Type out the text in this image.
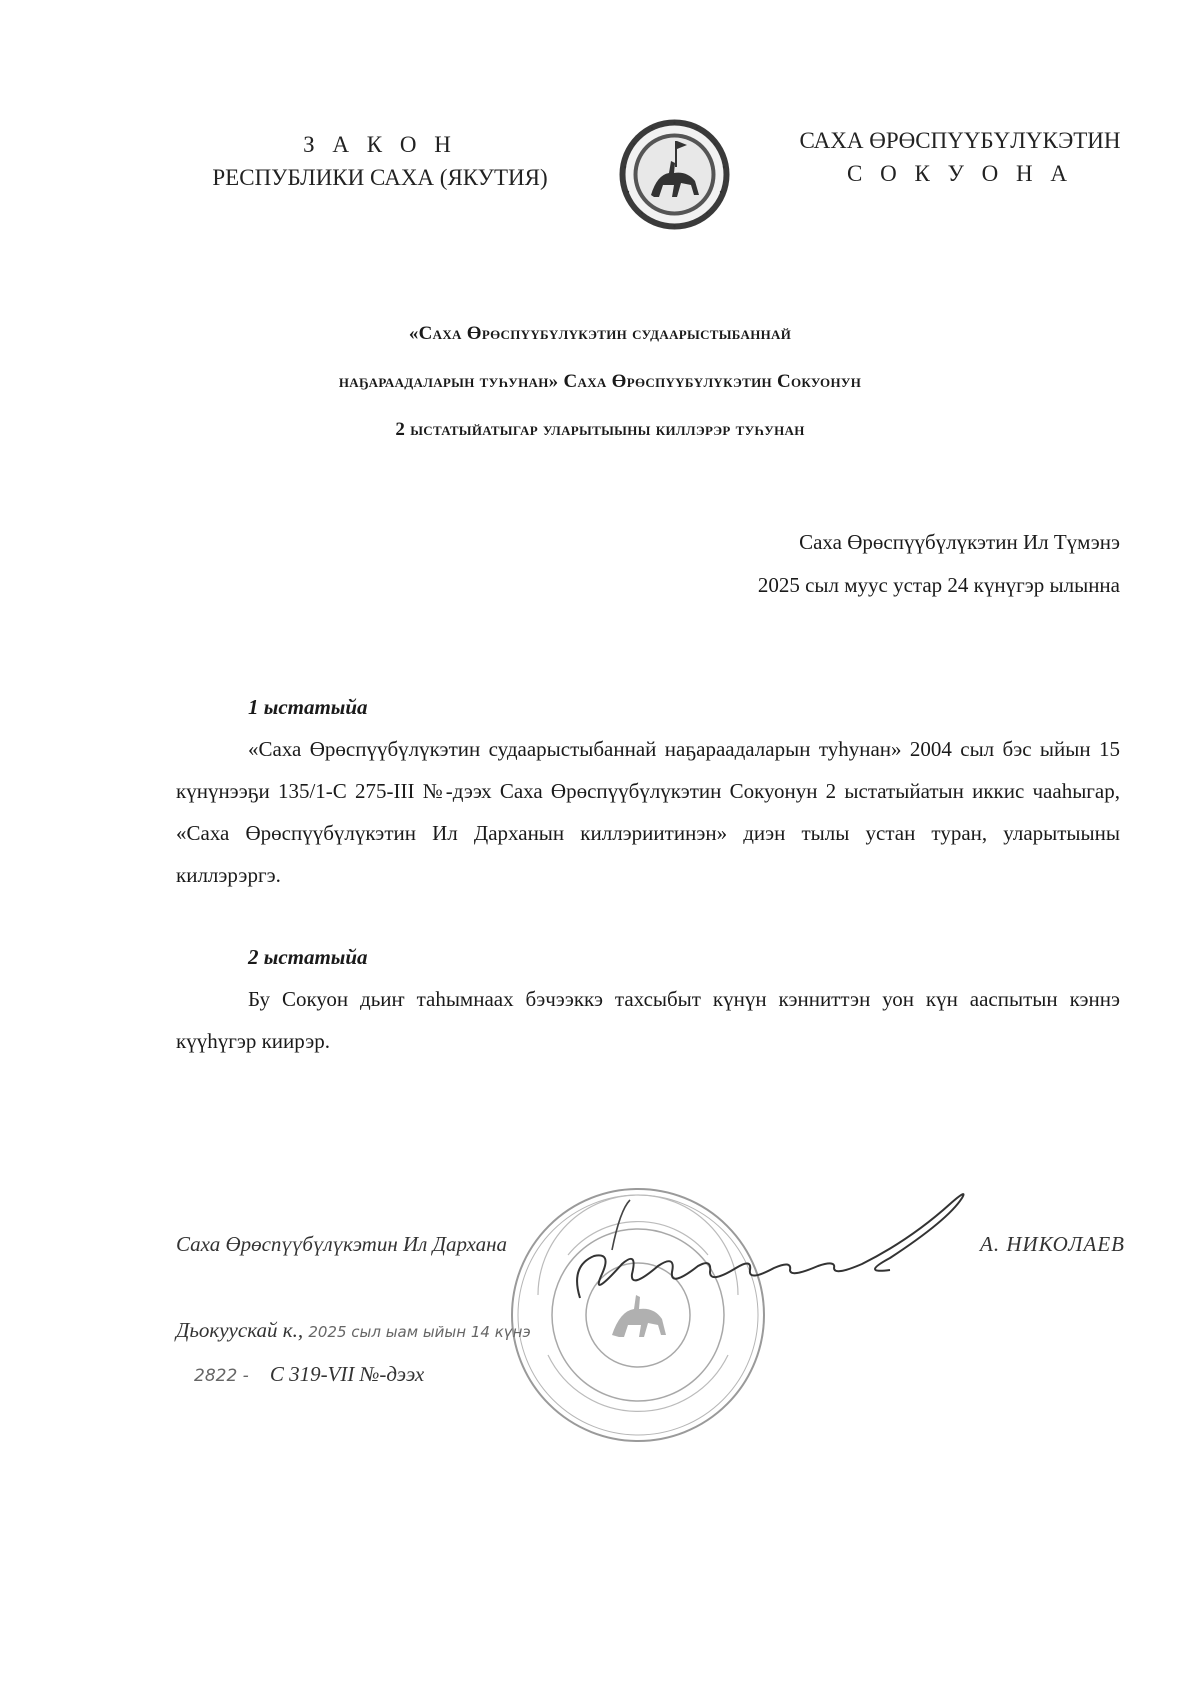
З А К О Н
РЕСПУБЛИКИ САХА (ЯКУТИЯ)
САХА ӨРӨСПҮҮБҮЛҮКЭТИН
С О К У О Н А
«Саха Өрөспүүбүлүкэтин судаарыстыбаннай
наҕараадаларын туһунан» Саха Өрөспүүбүлүкэтин Сокуонун
2 ыстатыйатыгар уларытыыны киллэрэр туһунан
Саха Өрөспүүбүлүкэтин Ил Түмэнэ
2025 сыл муус устар 24 күнүгэр ылынна
1 ыстатыйа

«Саха Өрөспүүбүлүкэтин судаарыстыбаннай наҕараадаларын туһунан» 2004 сыл бэс ыйын 15 күнүнээҕи 135/1-С 275-III №-дээх Саха Өрөспүүбүлүкэтин Сокуонун 2 ыстатыйатын иккис чааһыгар, «Саха Өрөспүүбүлүкэтин Ил Дарханын киллэриитинэн» диэн тылы устан туран, уларытыыны киллэрэргэ.

2 ыстатыйа

Бу Сокуон дьиҥ таһымнаах бэчээккэ тахсыбыт күнүн кэнниттэн уон күн ааспытын кэннэ күүһүгэр киирэр.

Саха Өрөспүүбүлүкэтин Ил Дархана	А. НИКОЛАЕВ
Дьокуускай к., 2025 сыл ыам ыйын 14 күнэ
2822 - С 319-VII №-дээх
